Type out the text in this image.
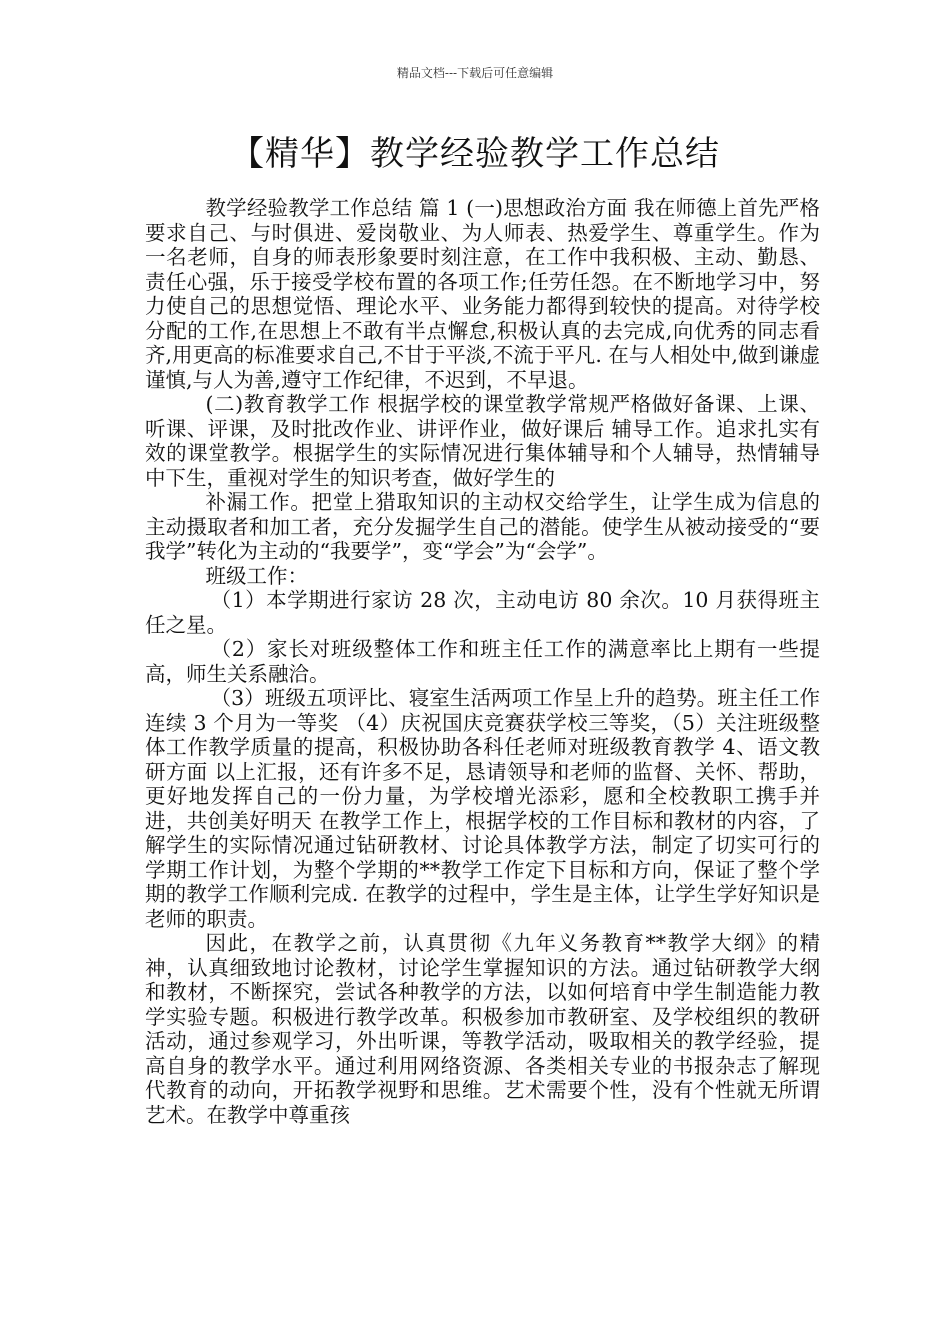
精品文档---下载后可任意编辑
【精华】教学经验教学工作总结

教学经验教学工作总结 篇 1 (一)思想政治方面 我在师德上首先严格要求自己、与时俱进、爱岗敬业、为人师表、热爱学生、尊重学生。作为一名老师，自身的师表形象要时刻注意，在工作中我积极、主动、勤恳、责任心强，乐于接受学校布置的各项工作;任劳任怨。在不断地学习中，努力使自己的思想觉悟、理论水平、业务能力都得到较快的提高。对待学校分配的工作,在思想上不敢有半点懈怠,积极认真的去完成,向优秀的同志看齐,用更高的标准要求自己,不甘于平淡,不流于平凡. 在与人相处中,做到谦虚谨慎,与人为善,遵守工作纪律，不迟到，不早退。

(二)教育教学工作 根据学校的课堂教学常规严格做好备课、上课、听课、评课，及时批改作业、讲评作业，做好课后 辅导工作。追求扎实有效的课堂教学。根据学生的实际情况进行集体辅导和个人辅导，热情辅导中下生，重视对学生的知识考查，做好学生的

补漏工作。把堂上猎取知识的主动权交给学生，让学生成为信息的主动摄取者和加工者，充分发掘学生自己的潜能。使学生从被动接受的“要我学”转化为主动的“我要学”，变“学会”为“会学”。

班级工作：

（1）本学期进行家访 28 次，主动电访 80 余次。10 月获得班主任之星。

（2）家长对班级整体工作和班主任工作的满意率比上期有一些提高，师生关系融洽。

（3）班级五项评比、寝室生活两项工作呈上升的趋势。班主任工作连续 3 个月为一等奖 （4）庆祝国庆竞赛获学校三等奖，（5）关注班级整体工作教学质量的提高，积极协助各科任老师对班级教育教学 4、语文教研方面 以上汇报，还有许多不足，恳请领导和老师的监督、关怀、帮助，更好地发挥自己的一份力量，为学校增光添彩，愿和全校教职工携手并进，共创美好明天 在教学工作上，根据学校的工作目标和教材的内容，了解学生的实际情况通过钻研教材、讨论具体教学方法，制定了切实可行的学期工作计划，为整个学期的**教学工作定下目标和方向，保证了整个学期的教学工作顺利完成. 在教学的过程中，学生是主体，让学生学好知识是老师的职责。

因此，在教学之前，认真贯彻《九年义务教育**教学大纲》的精神，认真细致地讨论教材，讨论学生掌握知识的方法。通过钻研教学大纲和教材，不断探究，尝试各种教学的方法，以如何培育中学生制造能力教学实验专题。积极进行教学改革。积极参加市教研室、及学校组织的教研活动，通过参观学习，外出听课，等教学活动，吸取相关的教学经验，提高自身的教学水平。通过利用网络资源、各类相关专业的书报杂志了解现代教育的动向，开拓教学视野和思维。艺术需要个性，没有个性就无所谓艺术。在教学中尊重孩
